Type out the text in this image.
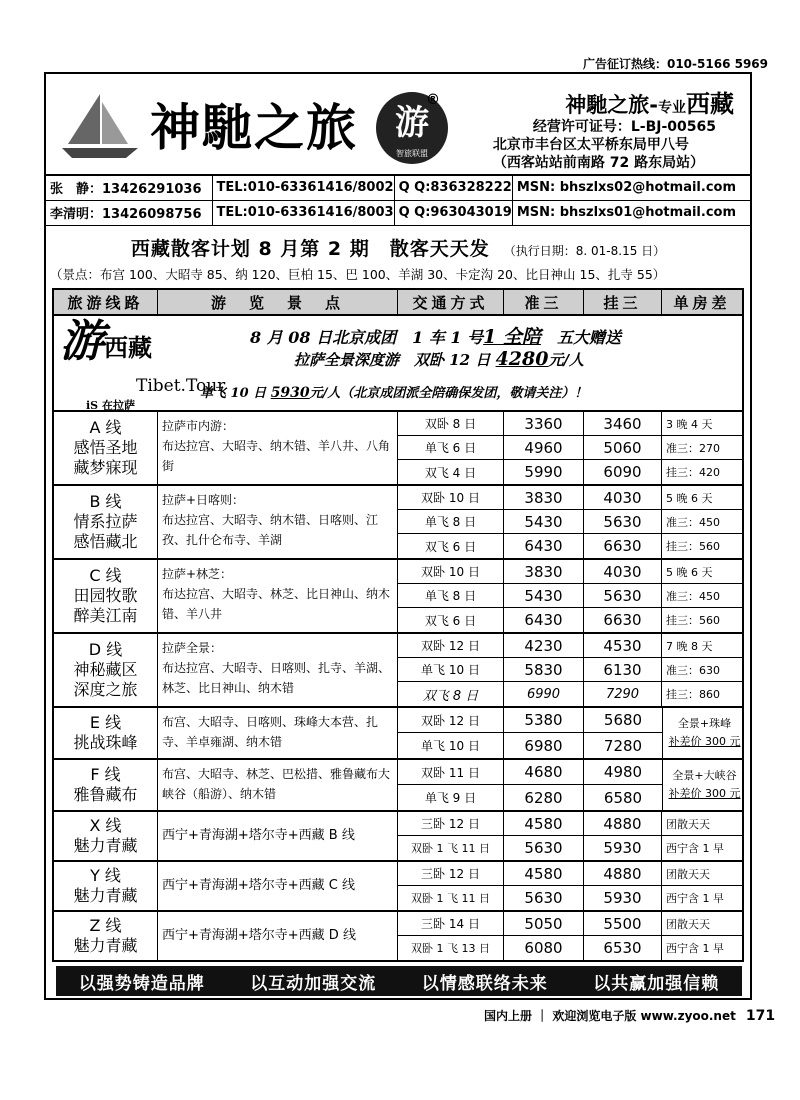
广告征订热线：010-5166 5969
神馳之旅	游
智旅联盟
®	神馳之旅-专业西藏
经营许可证号：L-BJ-00565
北京市丰台区太平桥东局甲八号
（西客站站前南路 72 路东局站）
张　静：13426291036	TEL:010-63361416/8002	Q Q:836328222	MSN: bhszlxs02@hotmail.com
李清明：13426098756	TEL:010-63361416/8003	Q Q:963043019	MSN: bhszlxs01@hotmail.com
西藏散客计划 8 月第 2 期　散客天天发　 （执行日期：8. 01-8.15 日）
（景点：布宫 100、大昭寺 85、纳 120、巨柏 15、巴 100、羊湖 30、卡定沟 20、比日神山 15、扎寺 55）
旅游线路	游　览　景　点	交通方式	准三	挂三	单房差
游西藏
Tibet.Tour
iS 在拉萨
8 月 08 日北京成团　1 车 1 号1 全陪　五大赠送
拉萨全景深度游　双卧 12 日 4280元/人
单飞 10 日 5930元/人（北京成团派全陪确保发团，敬请关注）！
A 线
感悟圣地
藏梦寐现
拉萨市内游：
布达拉宫、大昭寺、纳木错、羊八井、八角街
双卧 8 日	3360	3460	3 晚 4 天
单飞 6 日	4960	5060	准三：270
双飞 4 日	5990	6090	挂三：420
B 线
情系拉萨
感悟藏北
拉萨+日喀则：
布达拉宫、大昭寺、纳木错、日喀则、江孜、扎什仑布寺、羊湖
双卧 10 日	3830	4030	5 晚 6 天
单飞 8 日	5430	5630	准三：450
双飞 6 日	6430	6630	挂三：560
C 线
田园牧歌
醉美江南
拉萨+林芝：
布达拉宫、大昭寺、林芝、比日神山、纳木错、羊八井
双卧 10 日	3830	4030	5 晚 6 天
单飞 8 日	5430	5630	准三：450
双飞 6 日	6430	6630	挂三：560
D 线
神秘藏区
深度之旅
拉萨全景：
布达拉宫、大昭寺、日喀则、扎寺、羊湖、林芝、比日神山、纳木错
双卧 12 日	4230	4530	7 晚 8 天
单飞 10 日	5830	6130	准三：630
双飞 8 日	6990	7290	挂三：860
E 线
挑战珠峰
布宫、大昭寺、日喀则、珠峰大本营、扎寺、羊卓雍湖、纳木错
双卧 12 日	5380	5680
单飞 10 日	6980	7280
全景+珠峰
补差价 300 元
F 线
雅鲁藏布
布宫、大昭寺、林芝、巴松措、雅鲁藏布大峡谷（船游）、纳木错
双卧 11 日	4680	4980
单飞 9 日	6280	6580
全景+大峡谷
补差价 300 元
X 线
魅力青藏
西宁+青海湖+塔尔寺+西藏 B 线
三卧 12 日	4580	4880	团散天天
双卧 1 飞 11 日	5630	5930	西宁含 1 早
Y 线
魅力青藏
西宁+青海湖+塔尔寺+西藏 C 线
三卧 12 日	4580	4880	团散天天
双卧 1 飞 11 日	5630	5930	西宁含 1 早
Z 线
魅力青藏
西宁+青海湖+塔尔寺+西藏 D 线
三卧 14 日	5050	5500	团散天天
双卧 1 飞 13 日	6080	6530	西宁含 1 早
以强势铸造品牌	以互动加强交流	以情感联络未来	以共赢加强信赖
国内上册 ｜ 欢迎浏览电子版 www.zyoo.net 171
